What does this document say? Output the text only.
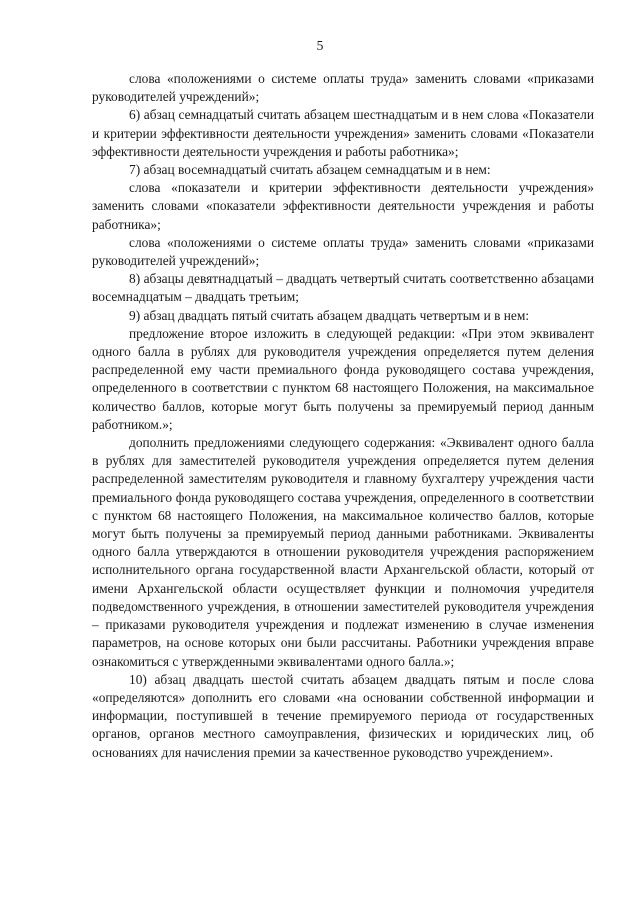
5

слова «положениями о системе оплаты труда» заменить словами «приказами руководителей учреждений»;

6) абзац семнадцатый считать абзацем шестнадцатым и в нем слова «Показатели и критерии эффективности деятельности учреждения» заменить словами «Показатели эффективности деятельности учреждения и работы работника»;

7) абзац восемнадцатый считать абзацем семнадцатым и в нем:

слова «показатели и критерии эффективности деятельности учреждения» заменить словами «показатели эффективности деятельности учреждения и работы работника»;

слова «положениями о системе оплаты труда» заменить словами «приказами руководителей учреждений»;

8) абзацы девятнадцатый – двадцать четвертый считать соответственно абзацами восемнадцатым – двадцать третьим;

9) абзац двадцать пятый считать абзацем двадцать четвертым и в нем:

предложение второе изложить в следующей редакции: «При этом эквивалент одного балла в рублях для руководителя учреждения определяется путем деления распределенной ему части премиального фонда руководящего состава учреждения, определенного в соответствии с пунктом 68 настоящего Положения, на максимальное количество баллов, которые могут быть получены за премируемый период данным работником.»;

дополнить предложениями следующего содержания: «Эквивалент одного балла в рублях для заместителей руководителя учреждения определяется путем деления распределенной заместителям руководителя и главному бухгалтеру учреждения части премиального фонда руководящего состава учреждения, определенного в соответствии с пунктом 68 настоящего Положения, на максимальное количество баллов, которые могут быть получены за премируемый период данными работниками. Эквиваленты одного балла утверждаются в отношении руководителя учреждения распоряжением исполнительного органа государственной власти Архангельской области, который от имени Архангельской области осуществляет функции и полномочия учредителя подведомственного учреждения, в отношении заместителей руководителя учреждения – приказами руководителя учреждения и подлежат изменению в случае изменения параметров, на основе которых они были рассчитаны. Работники учреждения вправе ознакомиться с утвержденными эквивалентами одного балла.»;

10) абзац двадцать шестой считать абзацем двадцать пятым и после слова «определяются» дополнить его словами «на основании собственной информации и информации, поступившей в течение премируемого периода от государственных органов, органов местного самоуправления, физических и юридических лиц, об основаниях для начисления премии за качественное руководство учреждением».
